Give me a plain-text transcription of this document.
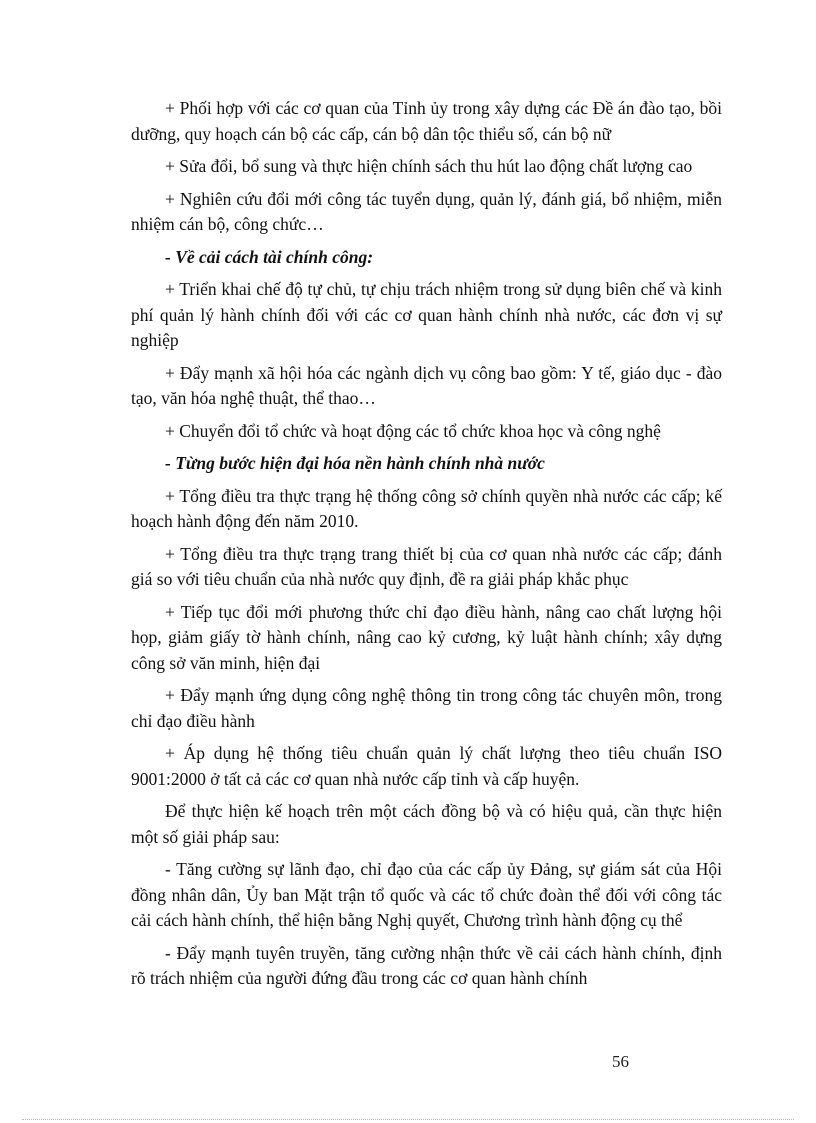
+ Phối hợp với các cơ quan của Tỉnh ủy trong xây dựng các Đề án đào tạo, bồi dưỡng, quy hoạch cán bộ các cấp, cán bộ dân tộc thiểu số, cán bộ nữ

+ Sửa đổi, bổ sung và thực hiện chính sách thu hút lao động chất lượng cao

+ Nghiên cứu đổi mới công tác tuyển dụng, quản lý, đánh giá, bổ nhiệm, miễn nhiệm cán bộ, công chức…

- Về cải cách tài chính công:

+ Triển khai chế độ tự chủ, tự chịu trách nhiệm trong sử dụng biên chế và kinh phí quản lý hành chính đối với các cơ quan hành chính nhà nước, các đơn vị sự nghiệp

+ Đẩy mạnh xã hội hóa các ngành dịch vụ công bao gồm: Y tế, giáo dục - đào tạo, văn hóa nghệ thuật, thể thao…

+ Chuyển đổi tổ chức và hoạt động các tổ chức khoa học và công nghệ

- Từng bước hiện đại hóa nền hành chính nhà nước

+ Tổng điều tra thực trạng hệ thống công sở chính quyền nhà nước các cấp; kế hoạch hành động đến năm 2010.

+ Tổng điều tra thực trạng trang thiết bị của cơ quan nhà nước các cấp; đánh giá so với tiêu chuẩn của nhà nước quy định, đề ra giải pháp khắc phục

+ Tiếp tục đổi mới phương thức chỉ đạo điều hành, nâng cao chất lượng hội họp, giảm giấy tờ hành chính, nâng cao kỷ cương, kỷ luật hành chính; xây dựng công sở văn minh, hiện đại

+ Đẩy mạnh ứng dụng công nghệ thông tin trong công tác chuyên môn, trong chỉ đạo điều hành

+ Áp dụng hệ thống tiêu chuẩn quản lý chất lượng theo tiêu chuẩn ISO 9001:2000 ở tất cả các cơ quan nhà nước cấp tỉnh và cấp huyện.

Để thực hiện kế hoạch trên một cách đồng bộ và có hiệu quả, cần thực hiện một số giải pháp sau:

- Tăng cường sự lãnh đạo, chỉ đạo của các cấp ủy Đảng, sự giám sát của Hội đồng nhân dân, Ủy ban Mặt trận tổ quốc và các tổ chức đoàn thể đối với công tác cải cách hành chính, thể hiện bằng Nghị quyết, Chương trình hành động cụ thể

- Đẩy mạnh tuyên truyền, tăng cường nhận thức về cải cách hành chính, định rõ trách nhiệm của người đứng đầu trong các cơ quan hành chính

56
